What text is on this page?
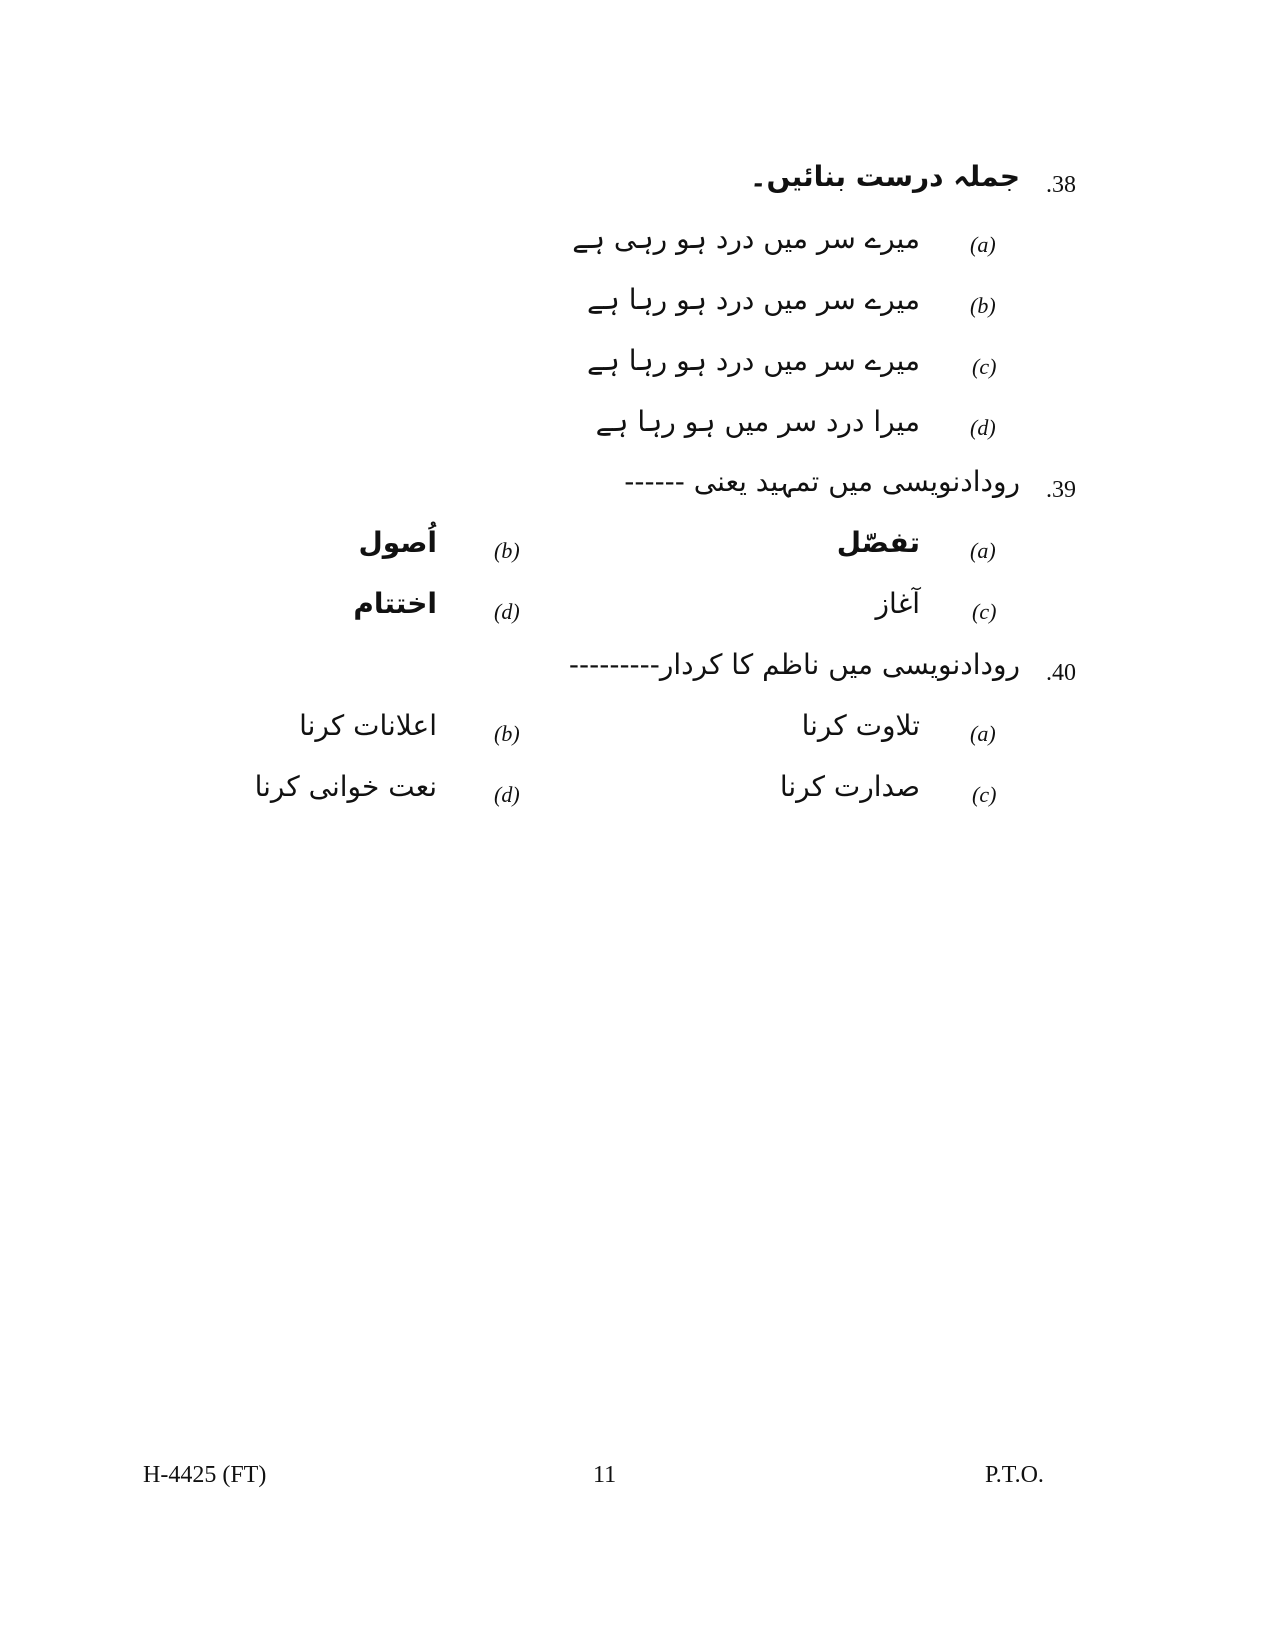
.38
جملہ درست بنائیں۔
(a)
میرے سر میں درد ہو رہی ہے
(b)
میرے سر میں درد ہو رہا ہے
(c)
میرے سر میں درد ہو رہا ہے
(d)
میرا درد سر میں ہو رہا ہے
.39
رودادنویسی میں تمہید یعنی ------
(a)
تفصّل
(b)
اُصول
(c)
آغاز
(d)
اختتام
.40
رودادنویسی میں ناظم کا کردار---------
(a)
تلاوت کرنا
(b)
اعلانات کرنا
(c)
صدارت کرنا
(d)
نعت خوانی کرنا
H-4425 (FT)	11	P.T.O.
